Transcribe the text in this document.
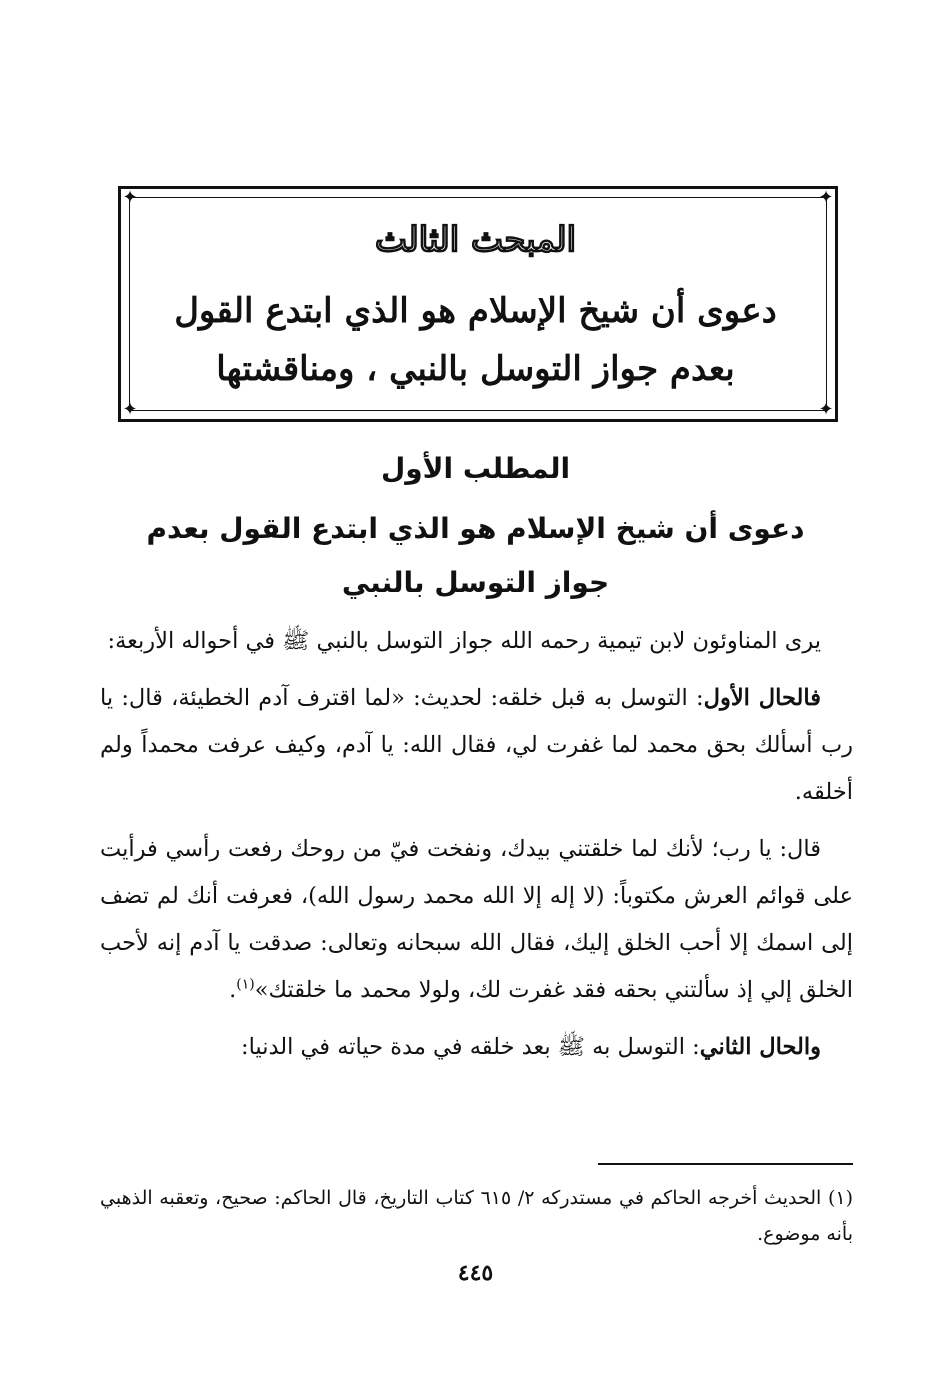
✦	✦
✦	✦
المبحث الثالث
دعوى أن شيخ الإسلام هو الذي ابتدع القول بعدم جواز التوسل بالنبي ، ومناقشتها
المطلب الأول
دعوى أن شيخ الإسلام هو الذي ابتدع القول بعدم جواز التوسل بالنبي

يرى المناوئون لابن تيمية رحمه الله جواز التوسل بالنبي ﷺ في أحواله الأربعة:

فالحال الأول: التوسل به قبل خلقه: لحديث: «لما اقترف آدم الخطيئة، قال: يا رب أسألك بحق محمد لما غفرت لي، فقال الله: يا آدم، وكيف عرفت محمداً ولم أخلقه.

قال: يا رب؛ لأنك لما خلقتني بيدك، ونفخت فيّ من روحك رفعت رأسي فرأيت على قوائم العرش مكتوباً: (لا إله إلا الله محمد رسول الله)، فعرفت أنك لم تضف إلى اسمك إلا أحب الخلق إليك، فقال الله سبحانه وتعالى: صدقت يا آدم إنه لأحب الخلق إلي إذ سألتني بحقه فقد غفرت لك، ولولا محمد ما خلقتك»$^{(١)}$.

والحال الثاني: التوسل به ﷺ بعد خلقه في مدة حياته في الدنيا:

(١) الحديث أخرجه الحاكم في مستدركه ٢/ ٦١٥ كتاب التاريخ، قال الحاكم: صحيح، وتعقبه الذهبي بأنه موضوع.

٤٤٥
